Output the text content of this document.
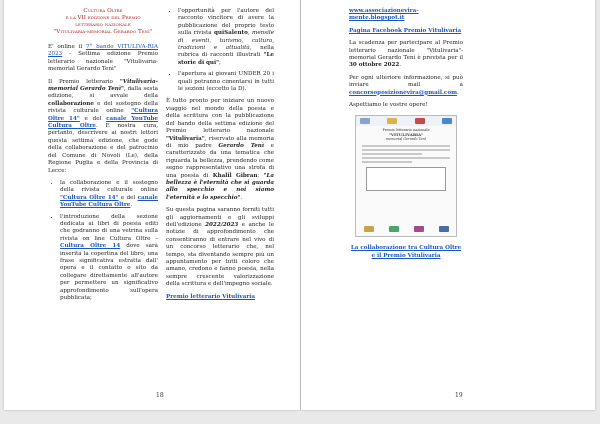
Cultura Oltre
e la VII edizione del Premio
letterario nazionale
"Vitulivaria-memorial Gerardo Tenì"

E' online il 7° bando VITULIVA-RIA 2023 - Settima edizione Premio letterario nazionale "Vitulivaria- memorial Gerardo Tenì"

Il Premio letterario "Vitulivaria-memorial Gerardo Tenì", dalla sesta edizione, si avvale della collaborazione e del sostegno della rivista culturale online "Cultura Oltre 14" e del canale YouTube Cultura Oltre. E nostra cura, pertanto, descrivere ai nostri lettori questa settima edizione, che gode della collaborazione e del patrocinio del Comune di Novoli (Le), della Regione Puglia e della Provincia di Lecce:

• la collaborazione e il sostegno della rivista culturale online "Cultura Oltre 14" e del canale YouTube Cultura Oltre.
• l'introduzione della sezione dedicata ai libri di poesia editi che godranno di una vetrina sulla rivista on line Cultura Oltre – Cultura Oltre 14 dove sarà inserita la copertina del libro, una frase significativa estratta dall' opera e il contatto o sito da collegare direttamente all'autore per permettere un significativo approfondimento sull'opera pubblicata;
• l'opportunità per l'autore del racconto vincitore di avere la pubblicazione del proprio testo sulla rivista quiSalento, mensile di eventi, turismo, cultura, tradizioni e attualità, nella rubrica di racconti illustrati "Le storie di qui";
• l'apertura ai giovani UNDER 20 i quali potranno cimentarsi in tutti le sezioni (eccetto la D).

È tutto pronto per iniziare un nuovo viaggio nel mondo della poesia e della scrittura con la pubblicazione del bando della settima edizione del Premio letterario nazionale "Vitulivaria", riservato alla memoria di mio padre Gerardo Tenì e caratterizzato da una tematica che riguarda la bellezza, prendendo come segno rappresentativo una strofa di una poesia di Khalil Gibran: "La bellezza è l'eternità che si guarda allo specchio e noi siamo l'eternità e lo specchio".

Su questa pagina saranno forniti tutti gli aggiornamenti e gli sviluppi dell'edizione 2022/2023 e anche le notizie di approfondimento che consentiranno di entrare nel vivo di un concorso letterario che, nel tempo, sta diventando sempre più un appuntamento per tutti coloro che amano, credono e fanno poesia, nella sempre crescente valorizzazione della scrittura e dell'impegno sociale.

Premio letterario Vitulivaria

18

www.associazionevira-mente.blogspot.it

Pagina Facebook Premio Vitulivaria

La scadenza per partecipare al Premio letterario nazionale "Vitulivaria"- memorial Gerardo Tenì è prevista per il 30 ottobre 2022.

Per ogni ulteriore informazione, si può inviare mail a concorsoposizionevira@gmail.com.

Aspettiamo le vostre opere!

Premio letterario nazionale
"VITULIVARIA"
memorial Gerardo Tenì

La collaborazione tra Cultura Oltre e il Premio Vitulivaria

19
